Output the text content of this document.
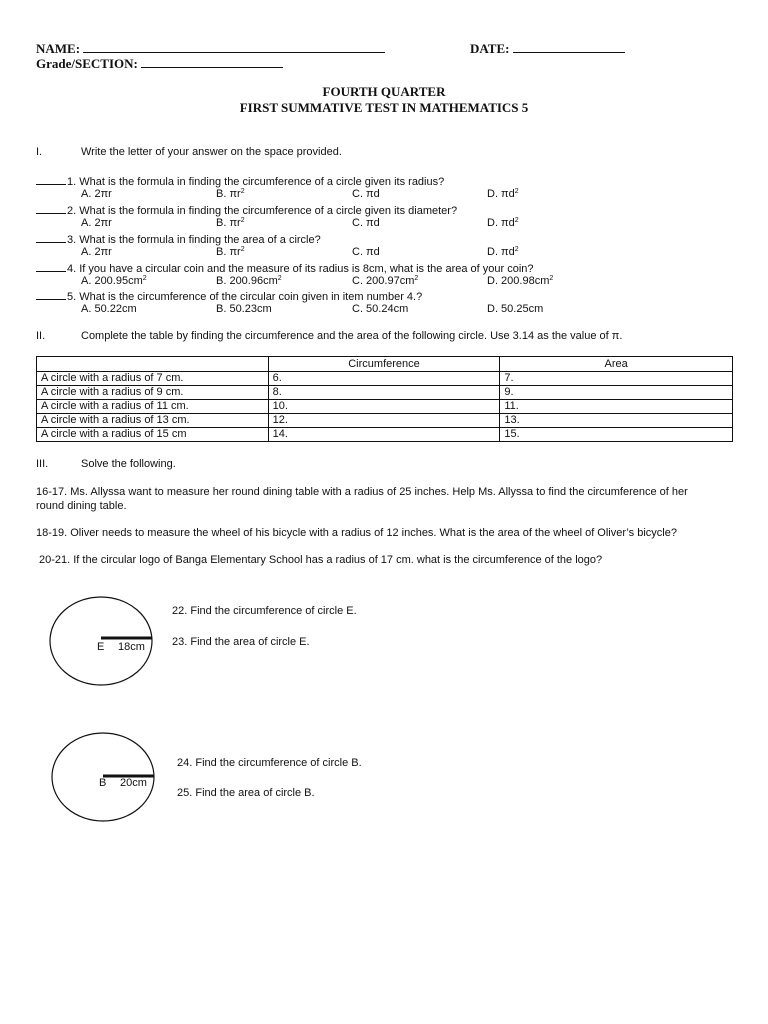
NAME:	DATE:
Grade/SECTION:
FOURTH QUARTER
FIRST SUMMATIVE TEST IN MATHEMATICS 5
I.	Write the letter of your answer on the space provided.
1. What is the formula in finding the circumference of a circle given its radius?
A. 2πr	B. $\pi r^2$	C. πd	D. $\pi d^2$
2. What is the formula in finding the circumference of a circle given its diameter?
A. 2πr	B. $\pi r^2$	C. πd	D. $\pi d^2$
3. What is the formula in finding the area of a circle?
A. 2πr	B. $\pi r^2$	C. πd	D. $\pi d^2$
4. If you have a circular coin and the measure of its radius is 8cm, what is the area of your coin?
A. $200.95cm^2$	B. $200.96cm^2$	C. $200.97cm^2$	D. $200.98cm^2$
5. What is the circumference of the circular coin given in item number 4.?
A. 50.22cm	B. 50.23cm	C. 50.24cm	D. 50.25cm
II.	Complete the table by finding the circumference and the area of the following circle. Use 3.14 as the value of π.
	Circumference	Area
A circle with a radius of 7 cm.	6.	7.
A circle with a radius of 9 cm.	8.	9.
A circle with a radius of 11 cm.	10.	11.
A circle with a radius of 13 cm.	12.	13.
A circle with a radius of 15 cm	14.	15.
III.	Solve the following.
16-17. Ms. Allyssa want to measure her round dining table with a radius of 25 inches. Help Ms. Allyssa to find the circumference of her round dining table.
18-19. Oliver needs to measure the wheel of his bicycle with a radius of 12 inches. What is the area of the wheel of Oliver’s bicycle?
20-21. If the circular logo of Banga Elementary School has a radius of 17 cm. what is the circumference of the logo?
E 18cm
22. Find the circumference of circle E.
23. Find the area of circle E.
B 20cm
24. Find the circumference of circle B.
25. Find the area of circle B.
